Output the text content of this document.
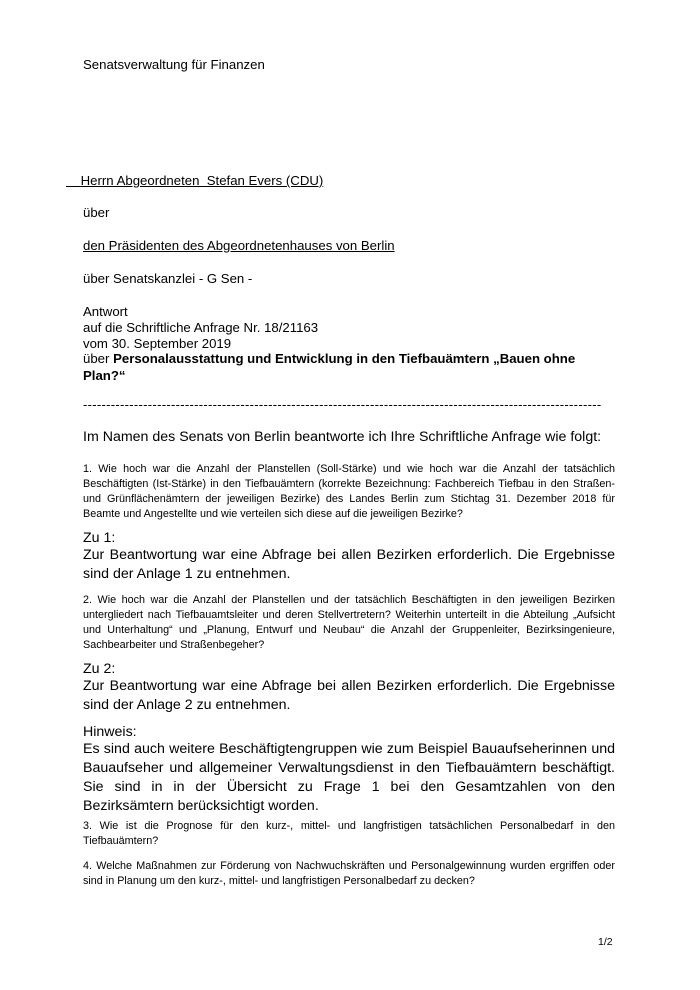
Senatsverwaltung für Finanzen
Herrn Abgeordneten  Stefan Evers (CDU)
über
den Präsidenten des Abgeordnetenhauses von Berlin
über Senatskanzlei - G Sen -
Antwort
auf die Schriftliche Anfrage Nr. 18/21163
vom 30. September 2019
über Personalausstattung und Entwicklung in den Tiefbauämtern „Bauen ohne Plan?“
----------------------------------------------------------------------------------------------------------------
Im Namen des Senats von Berlin beantworte ich Ihre Schriftliche Anfrage wie folgt:
1. Wie hoch war die Anzahl der Planstellen (Soll-Stärke) und wie hoch war die Anzahl der tatsächlich Beschäftigten (Ist-Stärke) in den Tiefbauämtern (korrekte Bezeichnung: Fachbereich Tiefbau in den Straßen- und Grünflächenämtern der jeweiligen Bezirke) des Landes Berlin zum Stichtag 31. Dezember 2018 für Beamte und Angestellte und wie verteilen sich diese auf die jeweiligen Bezirke?
Zu 1:
Zur Beantwortung war eine Abfrage bei allen Bezirken erforderlich. Die Ergebnisse sind der Anlage 1 zu entnehmen.
2. Wie hoch war die Anzahl der Planstellen und der tatsächlich Beschäftigten in den jeweiligen Bezirken untergliedert nach Tiefbauamtsleiter und deren Stellvertretern? Weiterhin unterteilt in die Abteilung „Aufsicht und Unterhaltung“ und „Planung, Entwurf und Neubau“ die Anzahl der Gruppenleiter, Bezirksingenieure, Sachbearbeiter und Straßenbegeher?
Zu 2:
Zur Beantwortung war eine Abfrage bei allen Bezirken erforderlich. Die Ergebnisse sind der Anlage 2 zu entnehmen.
Hinweis:
Es sind auch weitere Beschäftigtengruppen wie zum Beispiel Bauaufseherinnen und Bauaufseher und allgemeiner Verwaltungsdienst in den Tiefbauämtern beschäftigt. Sie sind in in der Übersicht zu Frage 1 bei den Gesamtzahlen von den Bezirksämtern berücksichtigt worden.
3. Wie ist die Prognose für den kurz-, mittel- und langfristigen tatsächlichen Personalbedarf in den Tiefbauämtern?
4. Welche Maßnahmen zur Förderung von Nachwuchskräften und Personalgewinnung wurden ergriffen oder sind in Planung um den kurz-, mittel- und langfristigen Personalbedarf zu decken?
1/2
